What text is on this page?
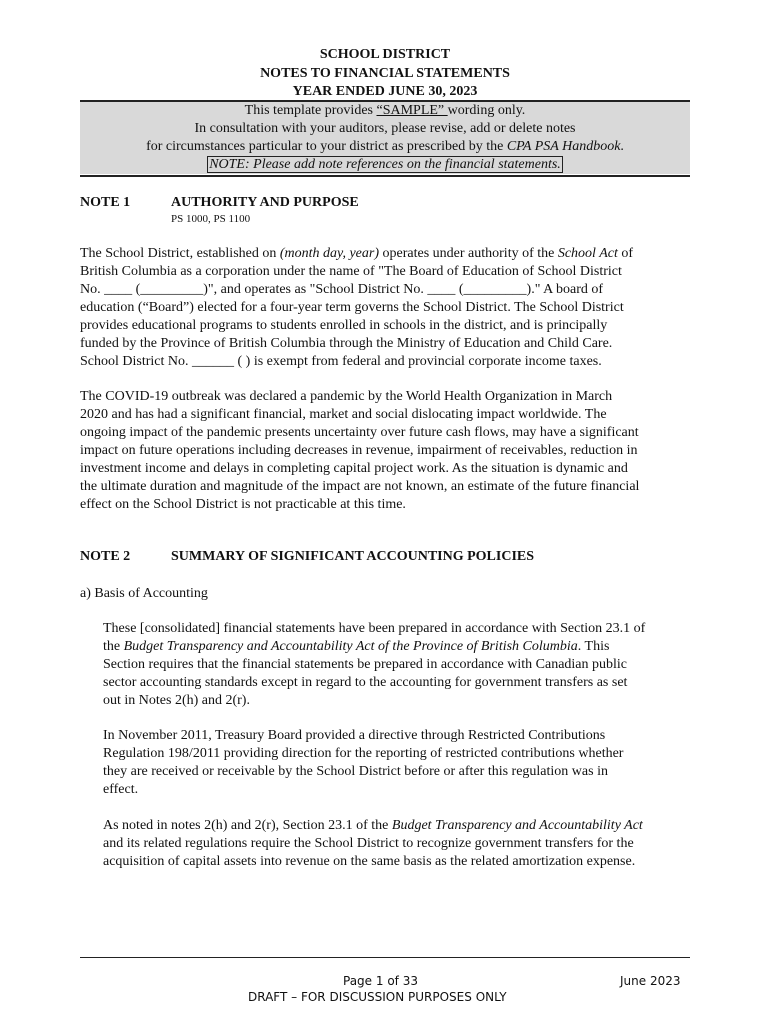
SCHOOL DISTRICT
NOTES TO FINANCIAL STATEMENTS
YEAR ENDED JUNE 30, 2023
This template provides “SAMPLE” wording only.
In consultation with your auditors, please revise, add or delete notes
for circumstances particular to your district as prescribed by the CPA PSA Handbook.
NOTE: Please add note references on the financial statements.
NOTE 1	AUTHORITY AND PURPOSE
PS 1000, PS 1100
The School District, established on (month day, year) operates under authority of the School Act of
British Columbia as a corporation under the name of "The Board of Education of School District
No. ____ (_________)", and operates as "School District No. ____ (_________)." A board of
education (“Board”) elected for a four-year term governs the School District. The School District
provides educational programs to students enrolled in schools in the district, and is principally
funded by the Province of British Columbia through the Ministry of Education and Child Care.
School District No. ______ ( ) is exempt from federal and provincial corporate income taxes.
The COVID-19 outbreak was declared a pandemic by the World Health Organization in March
2020 and has had a significant financial, market and social dislocating impact worldwide. The
ongoing impact of the pandemic presents uncertainty over future cash flows, may have a significant
impact on future operations including decreases in revenue, impairment of receivables, reduction in
investment income and delays in completing capital project work. As the situation is dynamic and
the ultimate duration and magnitude of the impact are not known, an estimate of the future financial
effect on the School District is not practicable at this time.
NOTE 2	SUMMARY OF SIGNIFICANT ACCOUNTING POLICIES
a) Basis of Accounting
These [consolidated] financial statements have been prepared in accordance with Section 23.1 of
the Budget Transparency and Accountability Act of the Province of British Columbia. This
Section requires that the financial statements be prepared in accordance with Canadian public
sector accounting standards except in regard to the accounting for government transfers as set
out in Notes 2(h) and 2(r).
In November 2011, Treasury Board provided a directive through Restricted Contributions
Regulation 198/2011 providing direction for the reporting of restricted contributions whether
they are received or receivable by the School District before or after this regulation was in
effect.
As noted in notes 2(h) and 2(r), Section 23.1 of the Budget Transparency and Accountability Act
and its related regulations require the School District to recognize government transfers for the
acquisition of capital assets into revenue on the same basis as the related amortization expense.
Page 1 of 33	June 2023
DRAFT – FOR DISCUSSION PURPOSES ONLY
